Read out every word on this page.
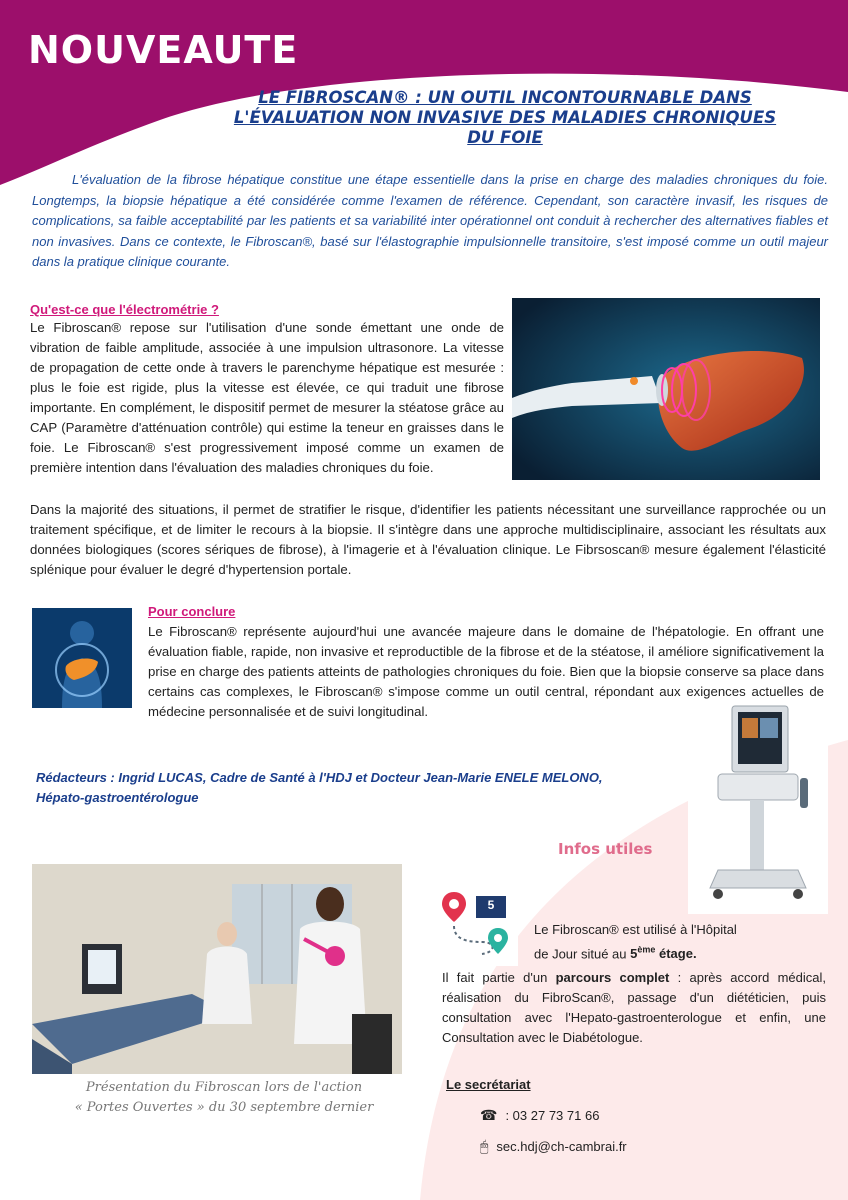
NOUVEAUTE
LE FIBROSCAN® : UN OUTIL INCONTOURNABLE DANS L'ÉVALUATION NON INVASIVE DES MALADIES CHRONIQUES DU FOIE

L'évaluation de la fibrose hépatique constitue une étape essentielle dans la prise en charge des maladies chroniques du foie. Longtemps, la biopsie hépatique a été considérée comme l'examen de référence. Cependant, son caractère invasif, les risques de complications, sa faible acceptabilité par les patients et sa variabilité inter opérationnel ont conduit à rechercher des alternatives fiables et non invasives. Dans ce contexte, le Fibroscan®, basé sur l'élastographie impulsionnelle transitoire, s'est imposé comme un outil majeur dans la pratique clinique courante.

Qu'est-ce que l'électrométrie ?

Le Fibroscan® repose sur l'utilisation d'une sonde émettant une onde de vibration de faible amplitude, associée à une impulsion ultrasonore. La vitesse de propagation de cette onde à travers le parenchyme hépatique est mesurée : plus le foie est rigide, plus la vitesse est élevée, ce qui traduit une fibrose importante. En complément, le dispositif permet de mesurer la stéatose grâce au CAP (Paramètre d'atténuation contrôle) qui estime la teneur en graisses dans le foie. Le Fibroscan® s'est progressivement imposé comme un examen de première intention dans l'évaluation des maladies chroniques du foie.

Dans la majorité des situations, il permet de stratifier le risque, d'identifier les patients nécessitant une surveillance rapprochée ou un traitement spécifique, et de limiter le recours à la biopsie. Il s'intègre dans une approche multidisciplinaire, associant les résultats aux données biologiques (scores sériques de fibrose), à l'imagerie et à l'évaluation clinique. Le Fibrsoscan® mesure également l'élasticité splénique pour évaluer le degré d'hypertension portale.

Pour conclure

Le Fibroscan® représente aujourd'hui une avancée majeure dans le domaine de l'hépatologie. En offrant une évaluation fiable, rapide, non invasive et reproductible de la fibrose et de la stéatose, il améliore significativement la prise en charge des patients atteints de pathologies chroniques du foie. Bien que la biopsie conserve sa place dans certains cas complexes, le Fibroscan® s'impose comme un outil central, répondant aux exigences actuelles de médecine personnalisée et de suivi longitudinal.

Rédacteurs : Ingrid LUCAS, Cadre de Santé à l'HDJ et Docteur Jean-Marie ENELE MELONO,
Hépato-gastroentérologue
Infos utiles
Présentation du Fibroscan lors de l'action
« Portes Ouvertes » du 30 septembre dernier
5
Le Fibroscan® est utilisé à l'Hôpital
de Jour situé au 5ème étage.

Il fait partie d'un parcours complet : après accord médical, réalisation du FibroScan®, passage d'un diététicien, puis consultation avec l'Hepato-gastroenterologue et enfin, une Consultation avec le Diabétologue.

Le secrétariat
☎ : 03 27 73 71 66
🖱 sec.hdj@ch-cambrai.fr
